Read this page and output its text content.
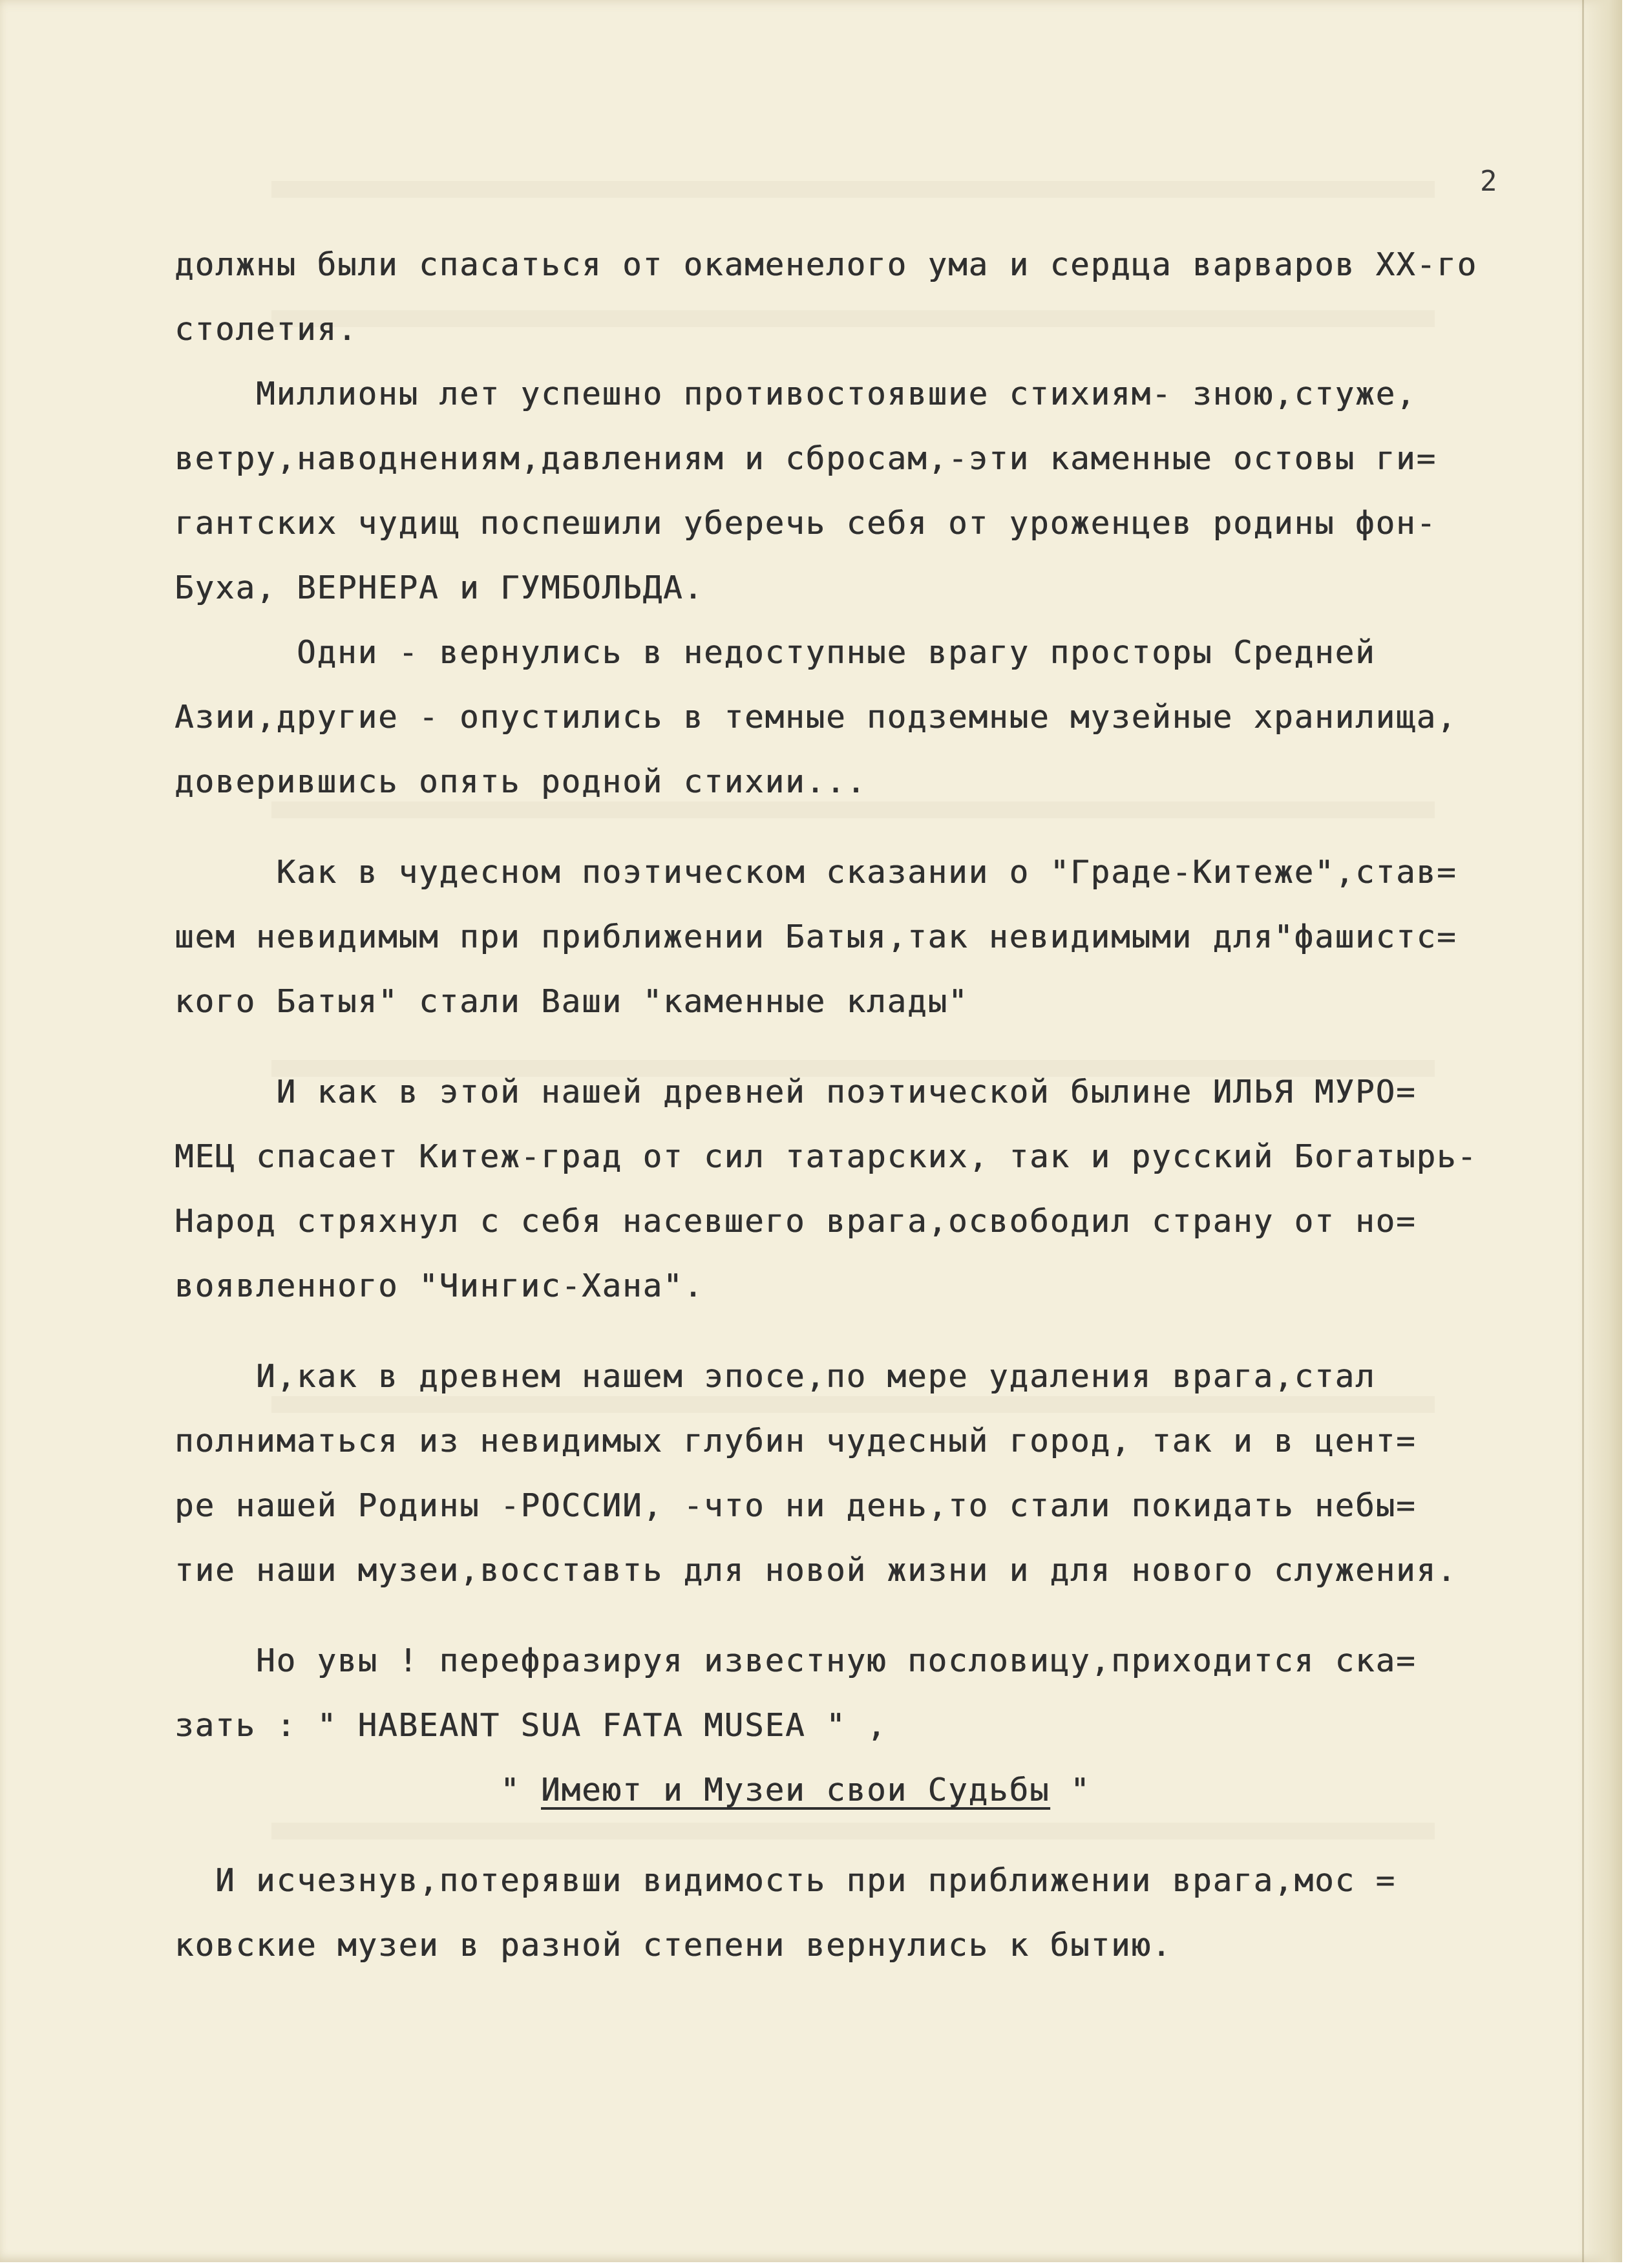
2
должны были спасаться от окаменелого ума и сердца варваров ХХ-го
столетия.
Миллионы лет успешно противостоявшие стихиям- зною,стуже,
ветру,наводнениям,давлениям и сбросам,-эти каменные остовы ги=
гантских чудищ поспешили уберечь себя от уроженцев родины фон-
Буха, ВЕРНЕРА и ГУМБОЛЬДА.
Одни - вернулись в недоступные врагу просторы Средней
Азии,другие - опустились в темные подземные музейные хранилища,
доверившись опять родной стихии...
Как в чудесном поэтическом сказании о "Граде-Китеже",став=
шем невидимым при приближении Батыя,так невидимыми для"фашистс=
кого Батыя" стали Ваши "каменные клады"
И как в этой нашей древней поэтической былине ИЛЬЯ МУРО=
МЕЦ спасает Китеж-град от сил татарских, так и русский Богатырь-
Народ стряхнул с себя насевшего врага,освободил страну от но=
воявленного "Чингис-Хана".
И,как в древнем нашем эпосе,по мере удаления врага,стал
полниматься из невидимых глубин чудесный город, так и в цент=
ре нашей Родины -РОССИИ, -что ни день,то стали покидать небы=
тие наши музеи,восставть для новой жизни и для нового служения.
Но увы ! перефразируя известную пословицу,приходится ска=
зать : " HABEANT SUA FATA MUSEA " ,
" Имеют и Музеи свои Судьбы "
И исчезнув,потерявши видимость при приближении врага,мос =
ковские музеи в разной степени вернулись к бытию.
